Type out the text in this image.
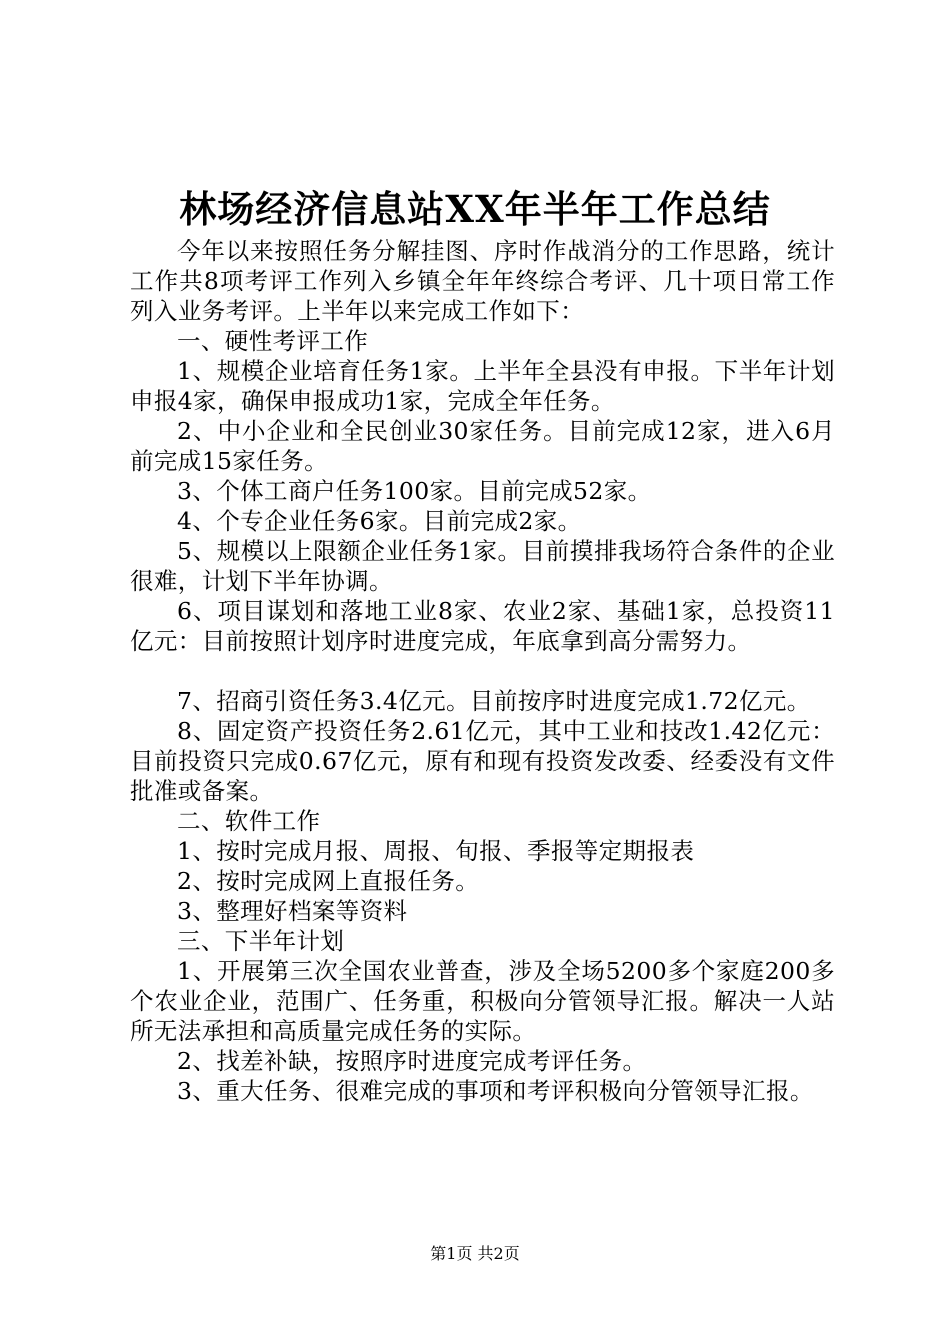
林场经济信息站XX年半年工作总结

今年以来按照任务分解挂图、序时作战消分的工作思路，统计工作共8项考评工作列入乡镇全年年终综合考评、几十项日常工作列入业务考评。上半年以来完成工作如下：

一、硬性考评工作

1、规模企业培育任务1家。上半年全县没有申报。下半年计划申报4家，确保申报成功1家，完成全年任务。

2、中小企业和全民创业30家任务。目前完成12家，进入6月前完成15家任务。

3、个体工商户任务100家。目前完成52家。

4、个专企业任务6家。目前完成2家。

5、规模以上限额企业任务1家。目前摸排我场符合条件的企业很难，计划下半年协调。

6、项目谋划和落地工业8家、农业2家、基础1家，总投资11亿元：目前按照计划序时进度完成，年底拿到高分需努力。

7、招商引资任务3.4亿元。目前按序时进度完成1.72亿元。

8、固定资产投资任务2.61亿元，其中工业和技改1.42亿元：目前投资只完成0.67亿元，原有和现有投资发改委、经委没有文件批准或备案。

二、软件工作

1、按时完成月报、周报、旬报、季报等定期报表

2、按时完成网上直报任务。

3、整理好档案等资料

三、下半年计划

1、开展第三次全国农业普查，涉及全场5200多个家庭200多个农业企业，范围广、任务重，积极向分管领导汇报。解决一人站所无法承担和高质量完成任务的实际。

2、找差补缺，按照序时进度完成考评任务。

3、重大任务、很难完成的事项和考评积极向分管领导汇报。

第1页 共2页
